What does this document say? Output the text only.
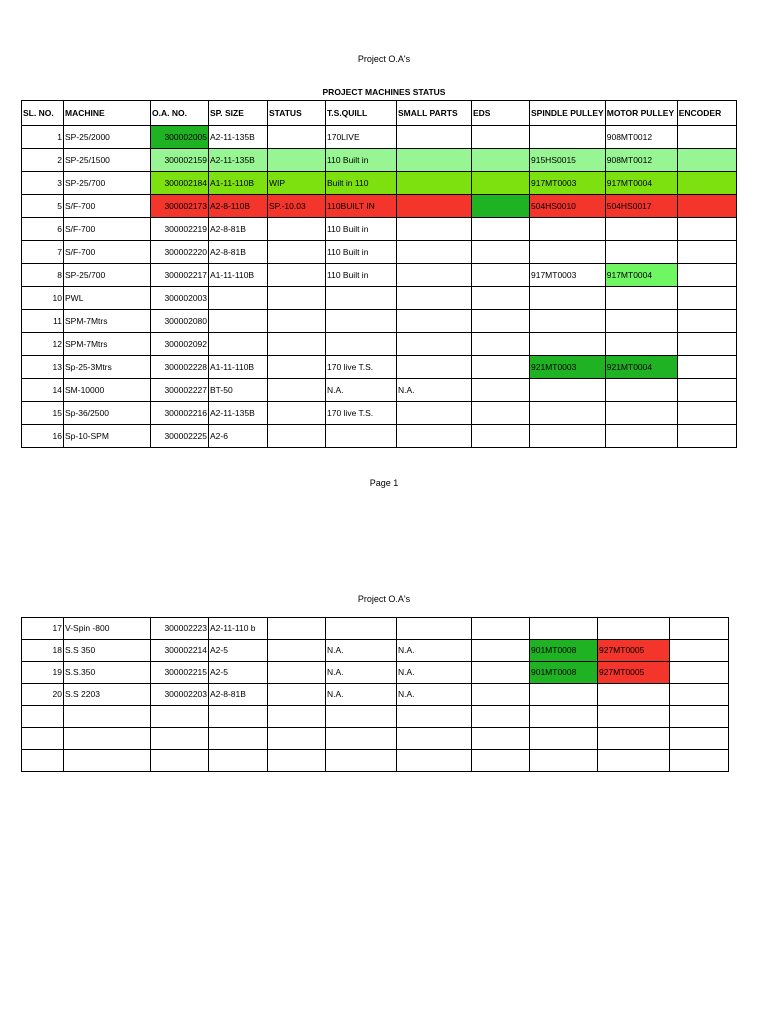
Project O.A's
PROJECT MACHINES STATUS
SL. NO.	MACHINE	O.A. NO.	SP. SIZE	STATUS	T.S.QUILL	SMALL PARTS	EDS	SPINDLE PULLEY	MOTOR PULLEY	ENCODER
1	SP-25/2000	300002005	A2-11-135B		170LIVE				908MT0012	
2	SP-25/1500	300002159	A2-11-135B		110 Built in			915HS0015	908MT0012	
3	SP-25/700	300002184	A1-11-110B	WIP	Built in 110			917MT0003	917MT0004	
5	S/F-700	300002173	A2-8-110B	SP.-10.03	110BUILT IN			504HS0010	504HS0017	
6	S/F-700	300002219	A2-8-81B		110 Built in					
7	S/F-700	300002220	A2-8-81B		110 Built in					
8	SP-25/700	300002217	A1-11-110B		110 Built in			917MT0003	917MT0004	
10	PWL	300002003								
11	SPM-7Mtrs	300002080								
12	SPM-7Mtrs	300002092								
13	Sp-25-3Mtrs	300002228	A1-11-110B		170 live T.S.			921MT0003	921MT0004	
14	SM-10000	300002227	BT-50		N.A.	N.A.				
15	Sp-36/2500	300002216	A2-11-135B		170 live T.S.					
16	Sp-10-SPM	300002225	A2-6							
Page 1
Project O.A's
17	V-Spin -800	300002223	A2-11-110 b							
18	S.S 350	300002214	A2-5		N.A.	N.A.		901MT0008	927MT0005	
19	S.S.350	300002215	A2-5		N.A.	N.A.		901MT0008	927MT0005	
20	S.S 2203	300002203	A2-8-81B		N.A.	N.A.				
